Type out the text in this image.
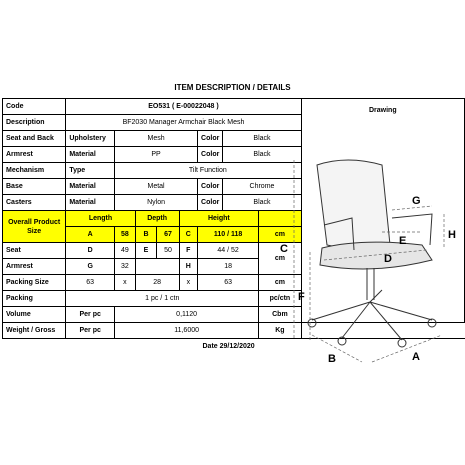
ITEM DESCRIPTION / DETAILS
Code	EO531 ( E-00022048 )								Drawing
Description	BF2030 Manager Armchair Black Mesh								
Seat and Back	Upholstery	Mesh				Color	Black		
Armrest	Material	PP				Color	Black		
Mechanism	Type	Tilt Function							
Base	Material	Metal				Color	Chrome		
Casters	Material	Nylon				Color	Black		
Overall Product Size	Length		Depth		Height				
	A	58	B	67	C	110 / 118		cm	
Seat	D	49	E	50	F	44 / 52		cm	
Armrest	G	32			H	18			
Packing Size	63	x	28		x	63		cm	
Packing	1 pc / 1 ctn							pc/ctn	
Volume	Per pc	0,1120						Cbm	
Weight / Gross	Per pc	11,6000						Kg	
Date 29/12/2020									
C
F
G
H
E
D
B	A
